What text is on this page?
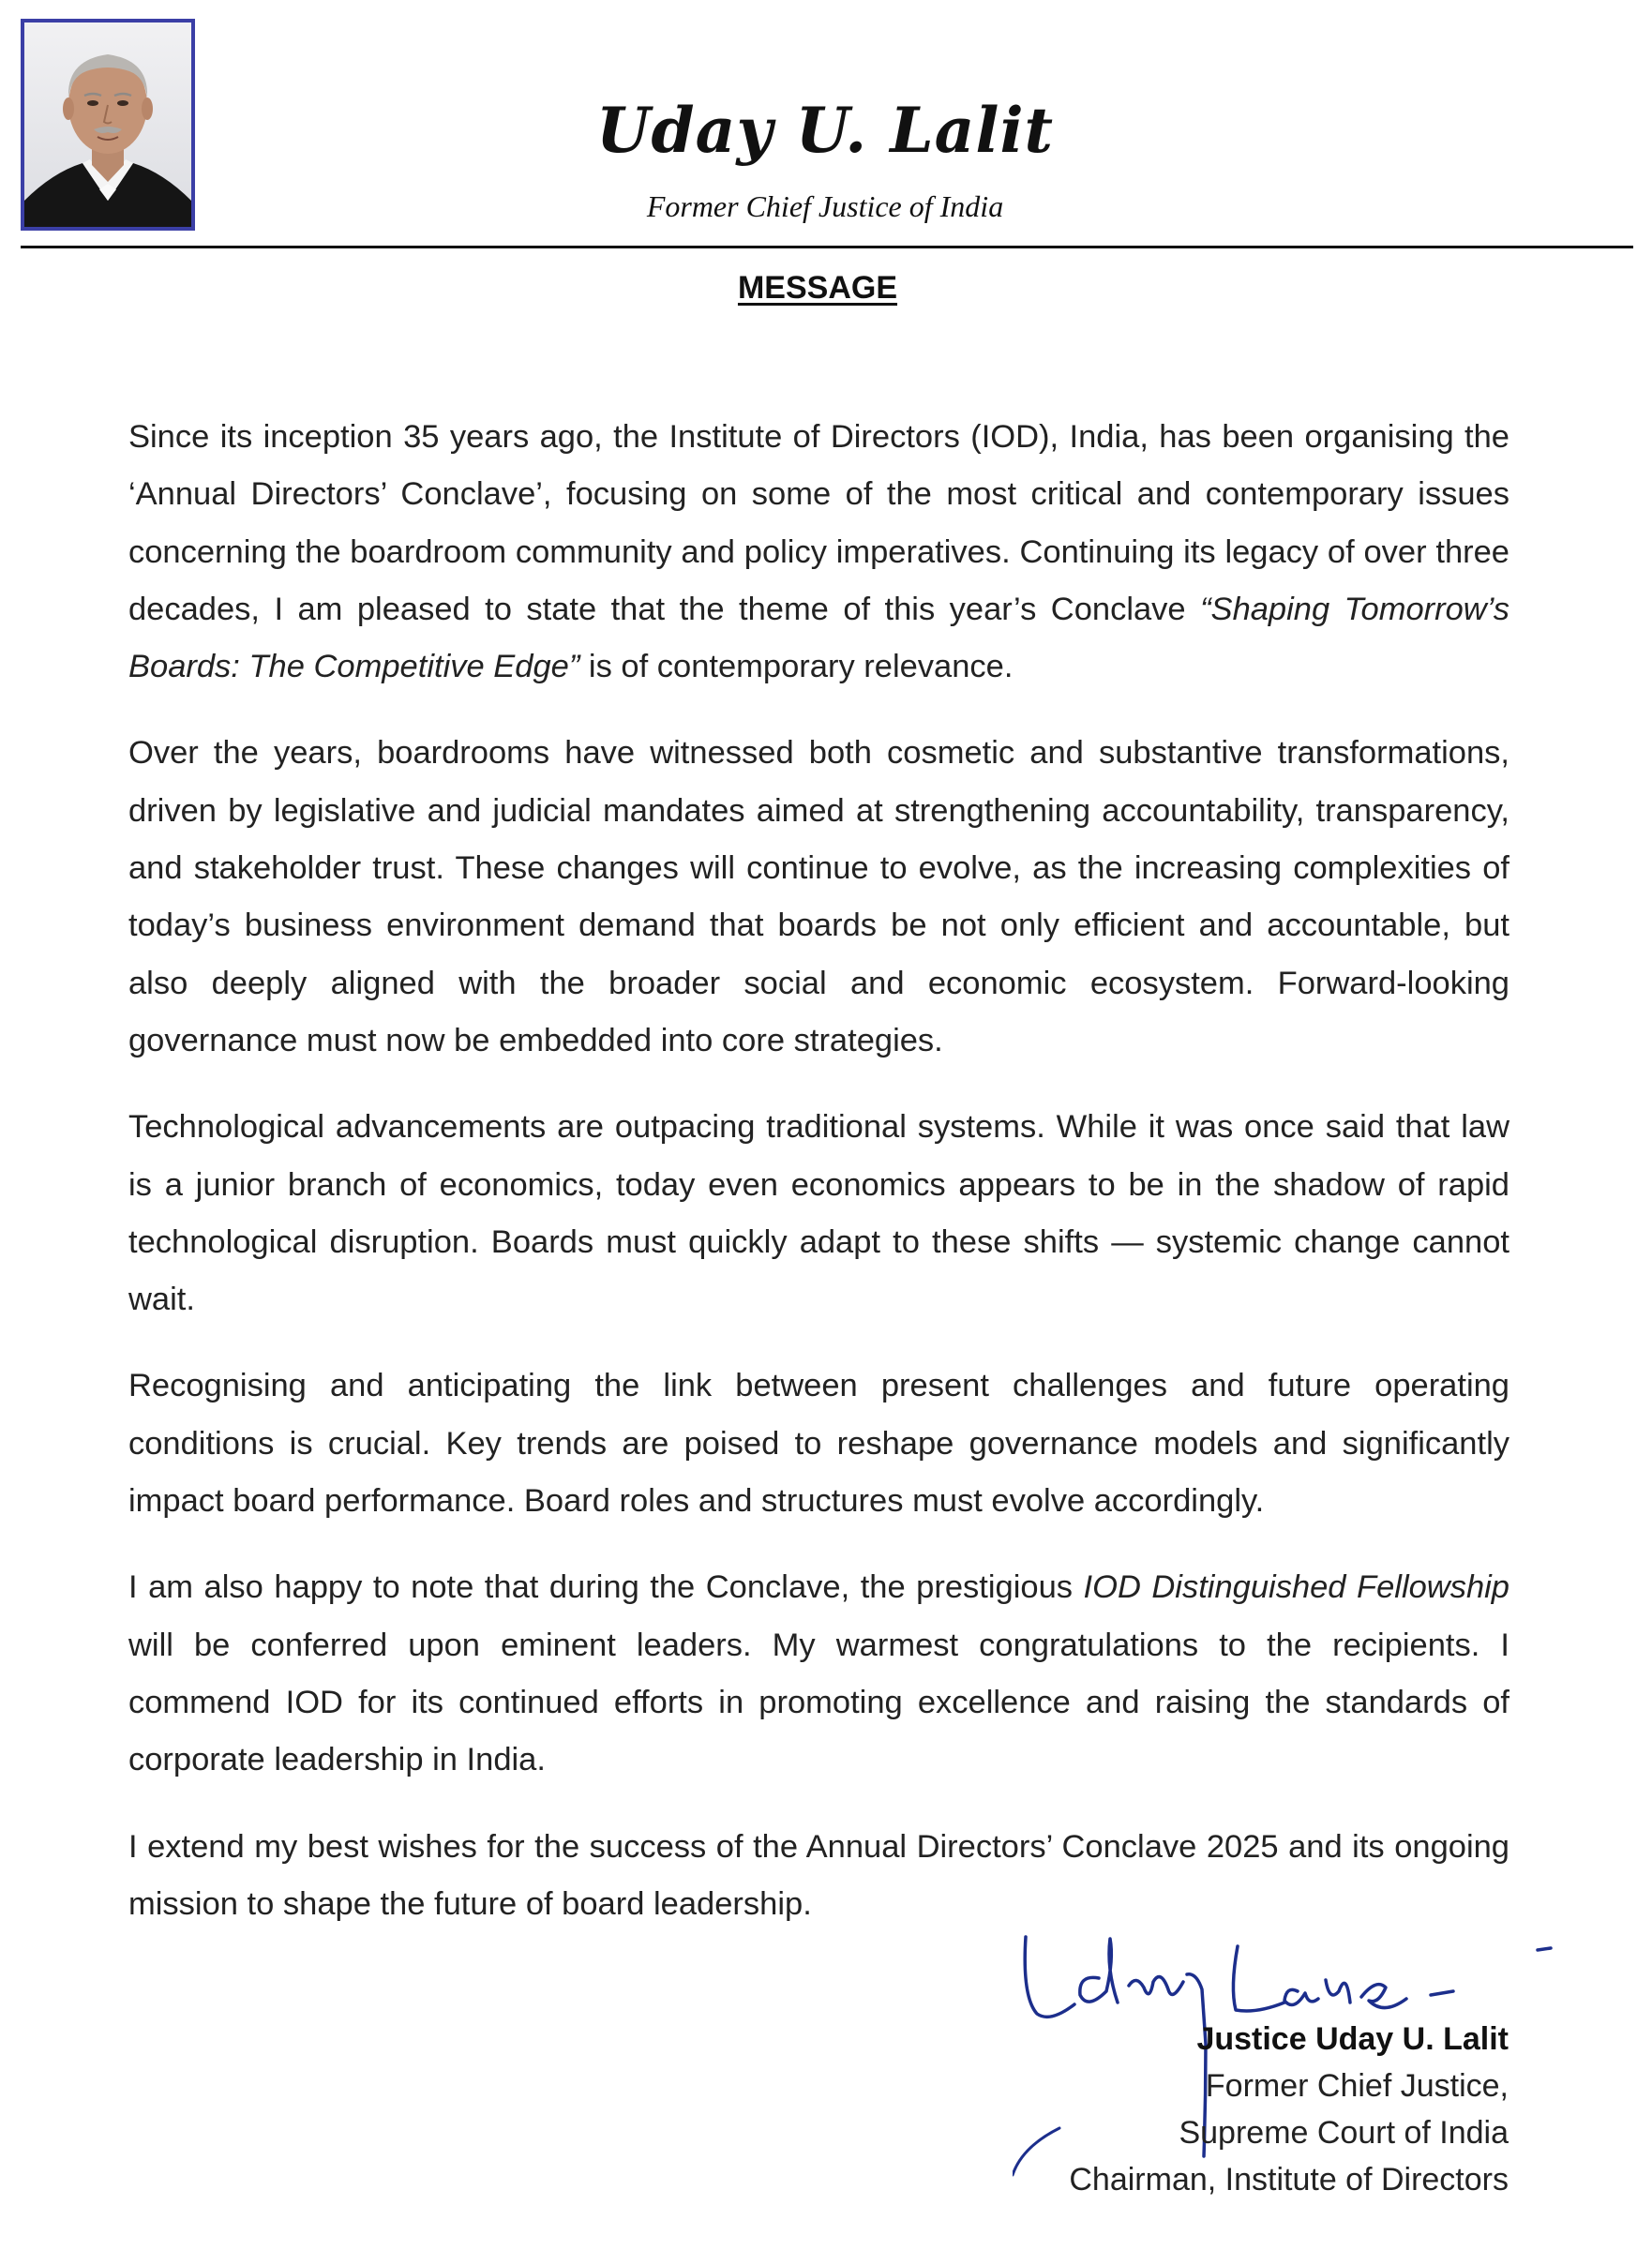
Uday U. Lalit
Former Chief Justice of India
MESSAGE

Since its inception 35 years ago, the Institute of Directors (IOD), India, has been organising the ‘Annual Directors’ Conclave’, focusing on some of the most critical and contemporary issues concerning the boardroom community and policy imperatives. Continuing its legacy of over three decades, I am pleased to state that the theme of this year’s Conclave “Shaping Tomorrow’s Boards: The Competitive Edge” is of contemporary relevance.

Over the years, boardrooms have witnessed both cosmetic and substantive transformations, driven by legislative and judicial mandates aimed at strengthening accountability, transparency, and stakeholder trust. These changes will continue to evolve, as the increasing complexities of today’s business environment demand that boards be not only efficient and accountable, but also deeply aligned with the broader social and economic ecosystem. Forward-looking governance must now be embedded into core strategies.

Technological advancements are outpacing traditional systems. While it was once said that law is a junior branch of economics, today even economics appears to be in the shadow of rapid technological disruption. Boards must quickly adapt to these shifts — systemic change cannot wait.

Recognising and anticipating the link between present challenges and future operating conditions is crucial. Key trends are poised to reshape governance models and significantly impact board performance. Board roles and structures must evolve accordingly.

I am also happy to note that during the Conclave, the prestigious IOD Distinguished Fellowship will be conferred upon eminent leaders. My warmest congratulations to the recipients. I commend IOD for its continued efforts in promoting excellence and raising the standards of corporate leadership in India.

I extend my best wishes for the success of the Annual Directors’ Conclave 2025 and its ongoing mission to shape the future of board leadership.

Justice Uday U. Lalit
Former Chief Justice,
Supreme Court of India
Chairman, Institute of Directors
